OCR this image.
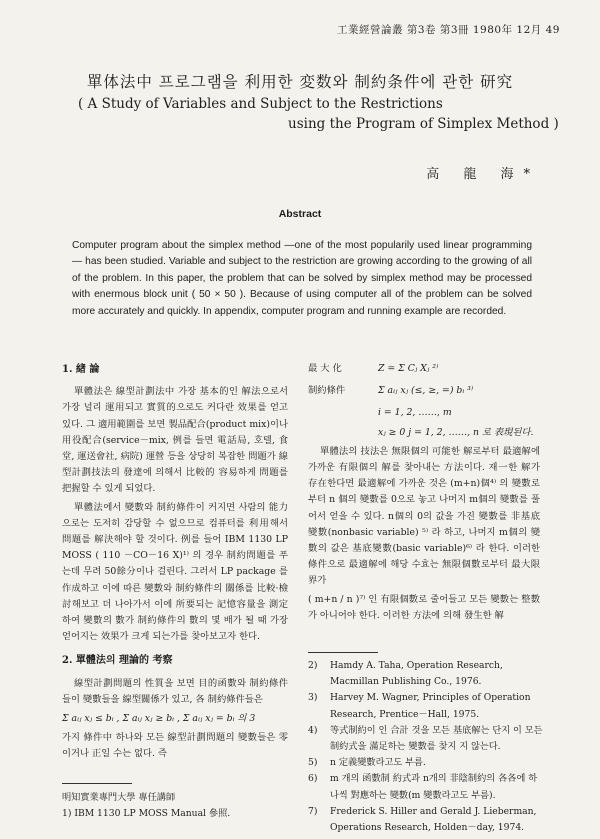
工業經營論叢 第3卷 第3冊 1980年 12月 49
單体法中 프로그램을 利用한 変数와 制約条件에 관한 研究
( A Study of Variables and Subject to the Restrictions
using the Program of Simplex Method )
高 龍 海*
Abstract
Computer program about the simplex method —one of the most popularily used linear programming— has been studied. Variable and subject to the restriction are growing according to the growing of all of the problem. In this paper, the problem that can be solved by simplex method may be processed with enermous block unit ( 50 × 50 ). Because of using computer all of the problem can be solved more accurately and quickly. In appendix, computer program and running example are recorded.
1. 緖 論

單體法은 線型計劃法中 가장 基本的인 解法으로서 가장 널리 運用되고 實質的으로도 커다란 效果를 얻고 있다. 그 適用範圍를 보면 製品配合(product mix)이나 用役配合(service－mix, 例를 들면 電話局, 호텔, 食堂, 運送會社, 病院) 運營 등을 상당히 복잡한 問題가 線型計劃技法의 發達에 의해서 比較的 容易하게 問題를 把握할 수 있게 되었다.

單體法에서 變數와 制約條件이 커지면 사람의 能力으로는 도저히 감당할 수 없으므로 컴퓨터를 利用해서 問題를 解決해야 할 것이다. 例를 들어 IBM 1130 LP MOSS ( 110 －CO－16 X)¹⁾ 의 경우 制約問題를 푸는데 무려 50餘分이나 걸린다. 그러서 LP package 를 作成하고 이에 따른 變數와 制約條件의 關係를 比較·檢討해보고 더 나아가서 이에 所要되는 記憶容量을 測定하여 變數의 數가 制約條件의 數의 몇 배가 될 때 가장 얻어지는 效果가 크게 되는가를 찾아보고자 한다.

2. 單體法의 理論的 考察

線型計劃問題의 性質을 보면 目的函數와 制約條件 들이 變數들을 線型關係가 있고, 各 制約條件들은

Σ aᵢⱼ xⱼ ≤ bᵢ , Σ aᵢⱼ xⱼ ≥ bᵢ , Σ aᵢⱼ xⱼ = bᵢ 의 3

가지 條件中 하나와 모든 線型計劃問題의 變數들은 零이거나 正일 수는 없다. 즉

明知實業專門大學 專任講師
1) IBM 1130 LP MOSS Manual 參照.
最 大 化	Z = Σ Cⱼ Xⱼ ²⁾
制約條件	Σ aᵢⱼ xⱼ (≤, ≥, =) bᵢ ³⁾
i = 1, 2, ……, m
xⱼ ≥ 0 j = 1, 2, ……, n 로 表現된다.

單體法의 技法은 無限個의 可能한 解로부터 最適解에 가까운 有限個의 解를 찾아내는 方法이다. 재一한 解가 存在한다면 最適解에 가까운 것은 (m+n)個⁴⁾ 의 變數로부터 n 個의 變數를 0으로 놓고 나머지 m個의 變數를 풀어서 얻을 수 있다. n個의 0의 값을 가진 變數를 非基底變數(nonbasic variable) ⁵⁾ 라 하고, 나머지 m個의 變數의 값은 基底變數(basic variable)⁶⁾ 라 한다. 이러한 條件으로 最適解에 해당 수효는 無限個數로부터 最大限界가

( m+n / n )⁷⁾ 인 有限個數로 줄어들고 모든 變數는 整數가 아니어야 한다. 이러한 方法에 의해 發生한 解

2)	Hamdy A. Taha, Operation Research, Macmillan Publishing Co., 1976.
3)	Harvey M. Wagner, Principles of Operation Research, Prentice－Hall, 1975.
4)	等式制約이 인 合計 것을 모든 基底解는 단지 이 모든 制約式을 滿足하는 變數를 찾지 지 않는다.
5)	n 定義變數라고도 부름.
6)	m 개의 函數制 約式과 n개의 非陰制約의 各各에 하나씩 對應하는 變數(m 變數라고도 부름).
7)	Frederick S. Hiller and Gerald J. Lieberman, Operations Research, Holden－day, 1974.
